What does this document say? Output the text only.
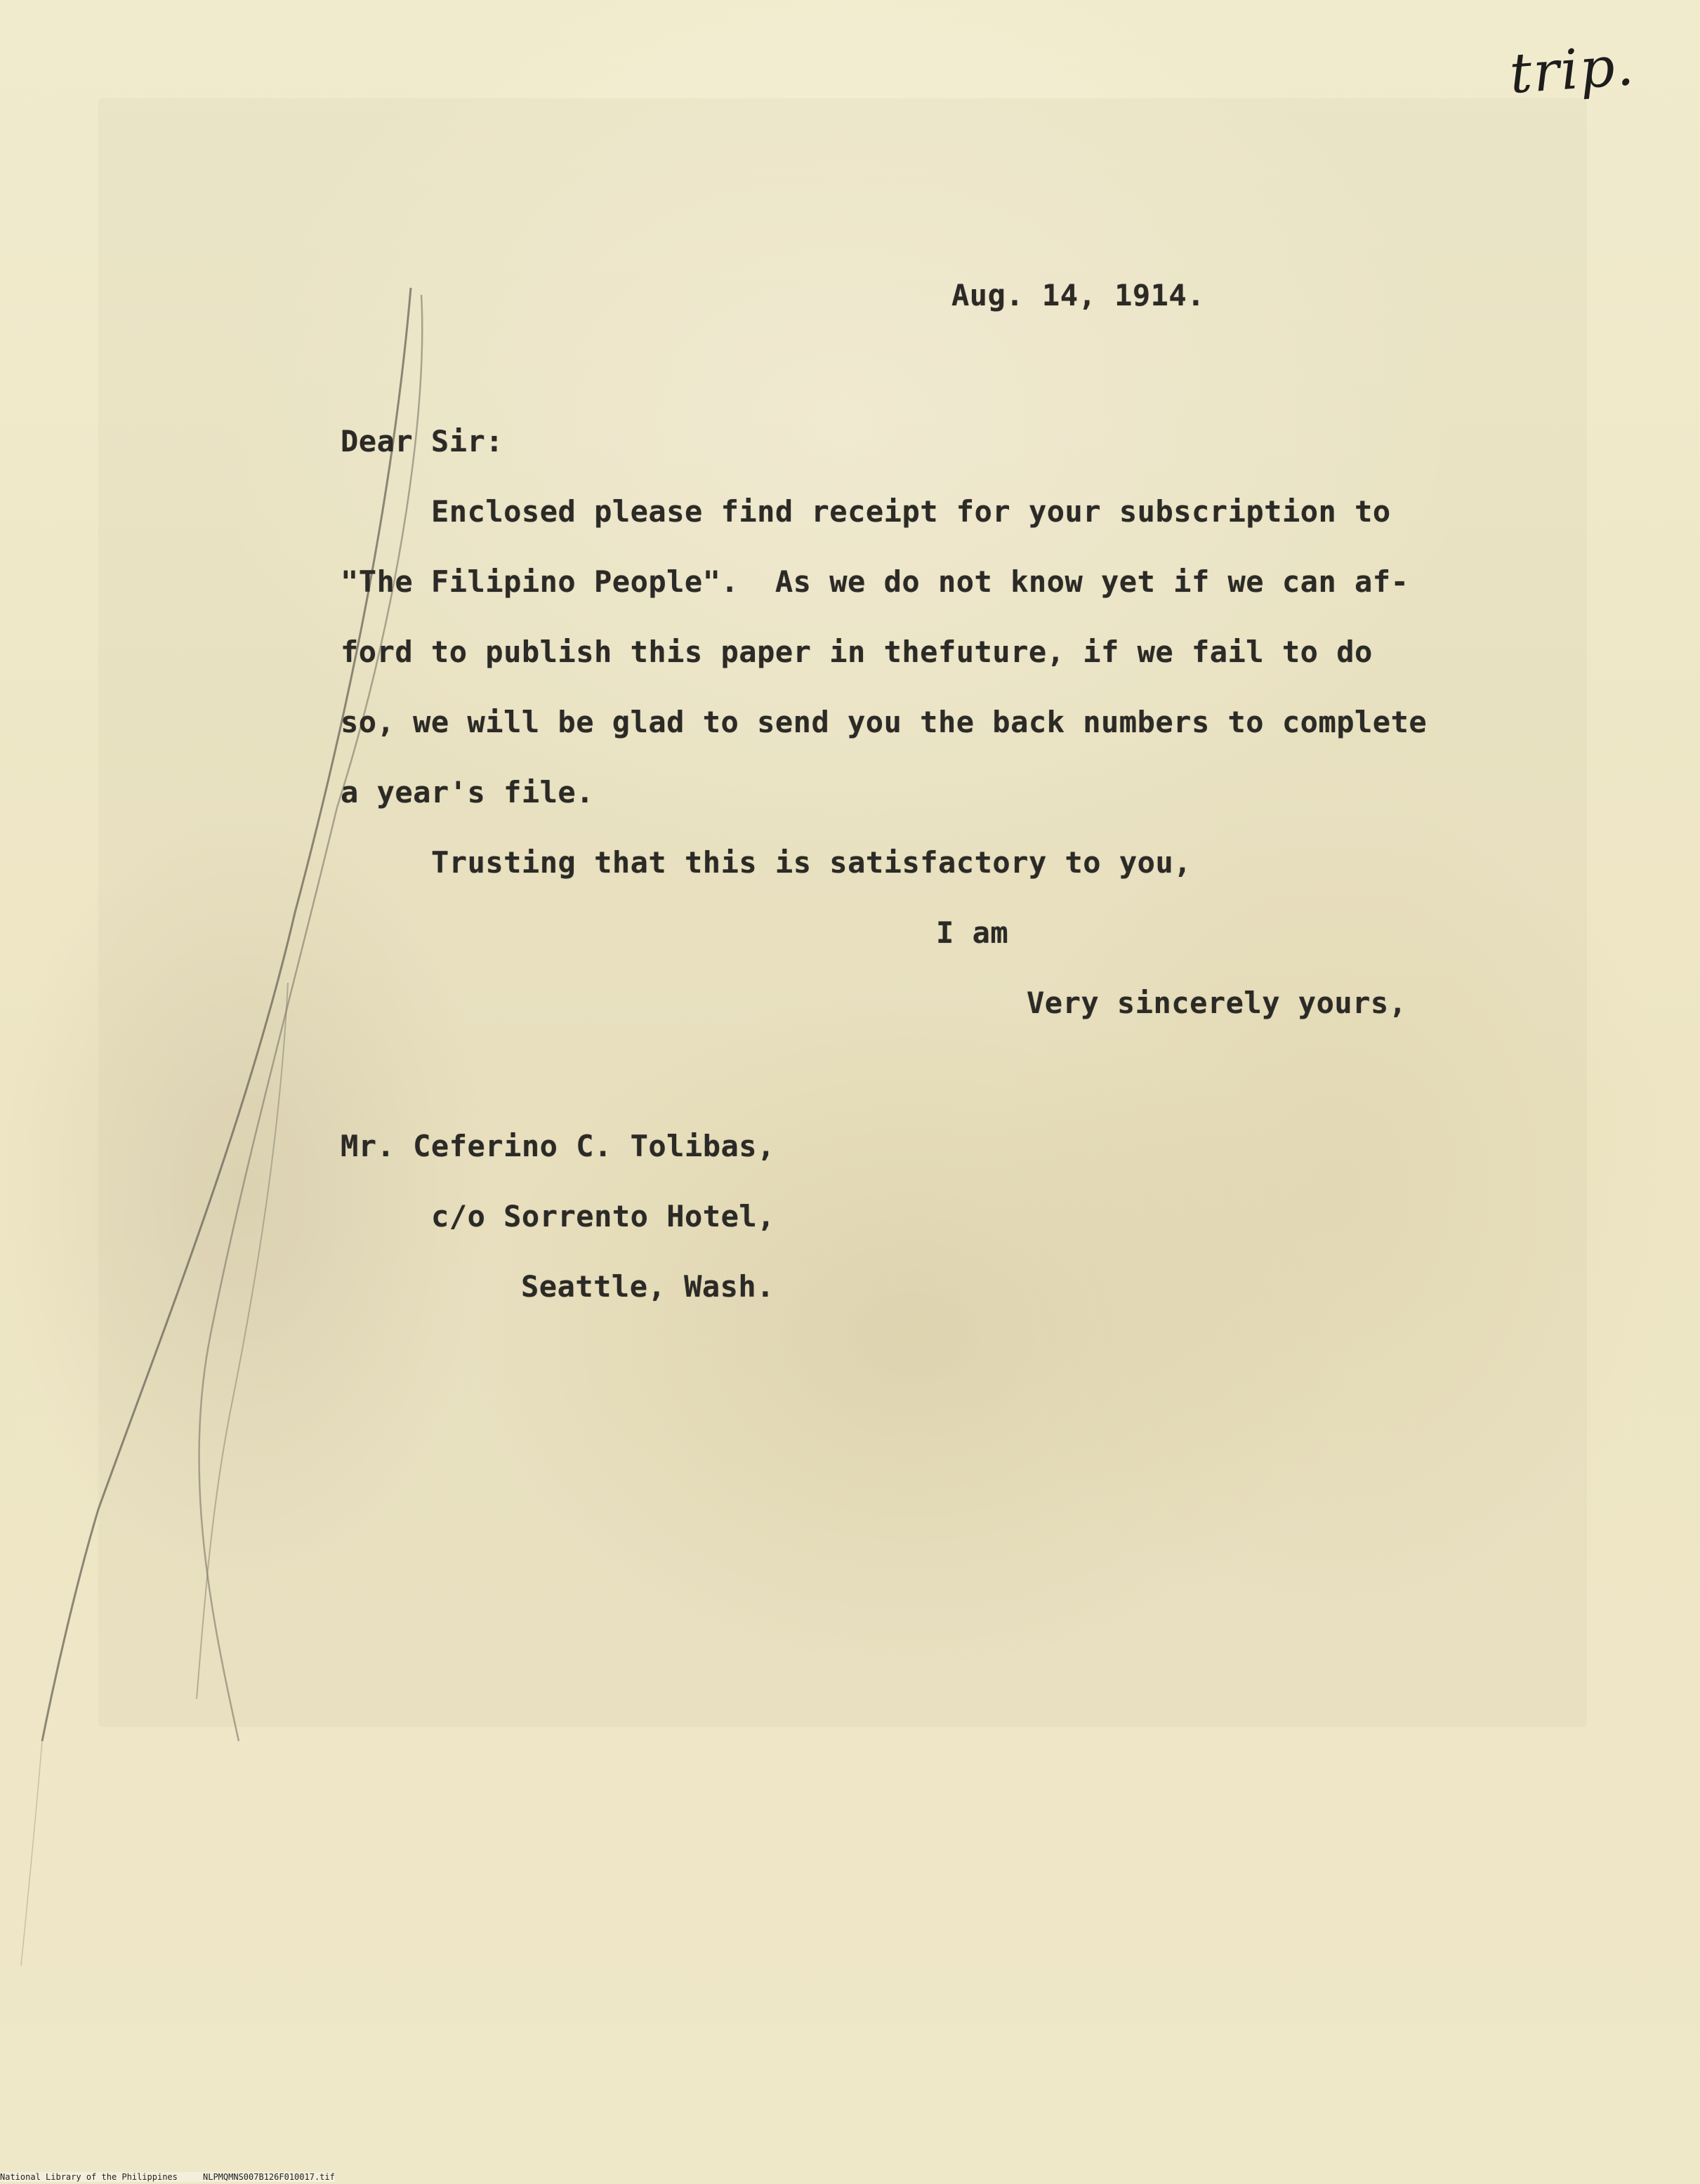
trip.
Aug. 14, 1914.
Dear Sir:
Enclosed please find receipt for your subscription to
"The Filipino People".  As we do not know yet if we can af-
ford to publish this paper in thefuture, if we fail to do
so, we will be glad to send you the back numbers to complete
a year's file.
Trusting that this is satisfactory to you,
I am
Very sincerely yours,
Mr. Ceferino C. Tolibas,
c/o Sorrento Hotel,
Seattle, Wash.
National Library of the Philippines	NLPMQMNS007B126F010017.tif
